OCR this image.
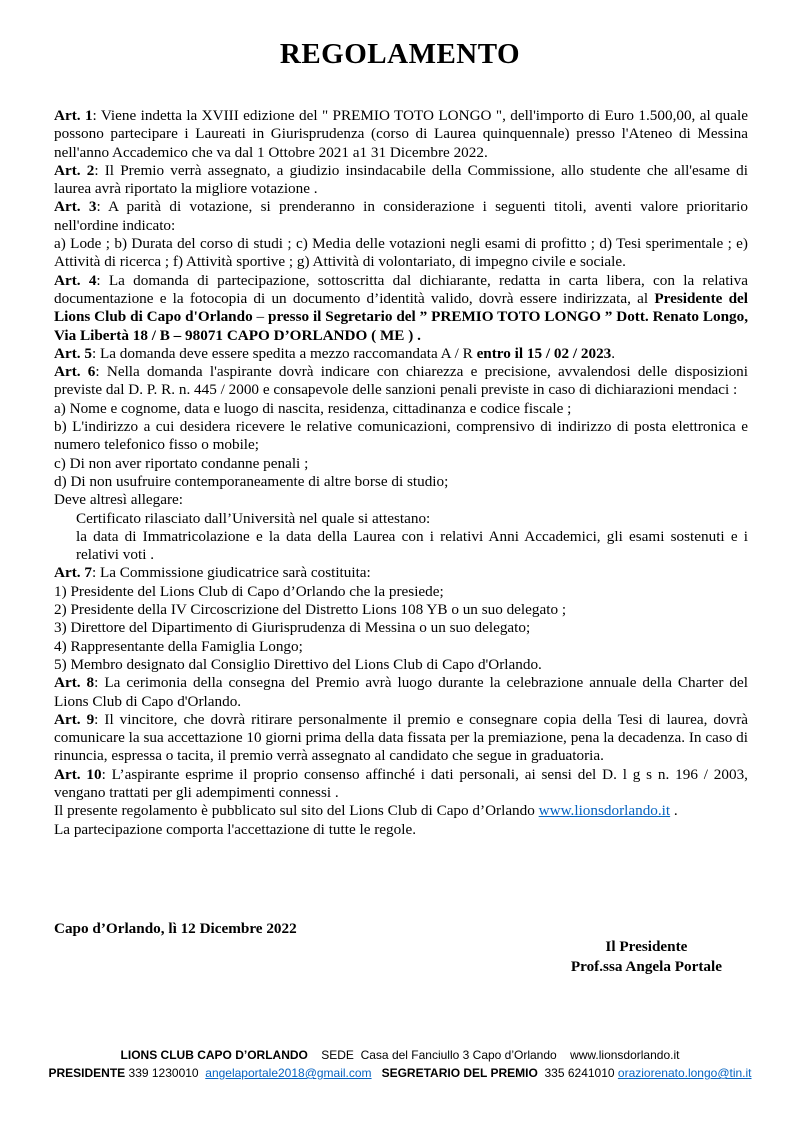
REGOLAMENTO

Art. 1: Viene indetta la XVIII edizione del " PREMIO TOTO LONGO ", dell'importo di Euro 1.500,00, al quale possono partecipare i Laureati in Giurisprudenza (corso di Laurea quinquennale) presso l'Ateneo di Messina nell'anno Accademico che va dal 1 Ottobre 2021 a1 31 Dicembre 2022.

Art. 2: Il Premio verrà assegnato, a giudizio insindacabile della Commissione, allo studente che all'esame di laurea avrà riportato la migliore votazione .

Art. 3: A parità di votazione, si prenderanno in considerazione i seguenti titoli, aventi valore prioritario nell'ordine indicato:

a) Lode ; b) Durata del corso di studi ; c) Media delle votazioni negli esami di profitto ; d) Tesi sperimentale ; e) Attività di ricerca ; f) Attività sportive ; g) Attività di volontariato, di impegno civile e sociale.

Art. 4: La domanda di partecipazione, sottoscritta dal dichiarante, redatta in carta libera, con la relativa documentazione e la fotocopia di un documento d’identità valido, dovrà essere indirizzata, al Presidente del Lions Club di Capo d'Orlando – presso il Segretario del ” PREMIO TOTO LONGO ” Dott. Renato Longo, Via Libertà 18 / B – 98071 CAPO D’ORLANDO ( ME ) .

Art. 5: La domanda deve essere spedita a mezzo raccomandata A / R entro il 15 / 02 / 2023.

Art. 6: Nella domanda l'aspirante dovrà indicare con chiarezza e precisione, avvalendosi delle disposizioni previste dal D. P. R. n. 445 / 2000 e consapevole delle sanzioni penali previste in caso di dichiarazioni mendaci :

a) Nome e cognome, data e luogo di nascita, residenza, cittadinanza e codice fiscale ;

b) L'indirizzo a cui desidera ricevere le relative comunicazioni, comprensivo di indirizzo di posta elettronica e numero telefonico fisso o mobile;

c) Di non aver riportato condanne penali ;

d) Di non usufruire contemporaneamente di altre borse di studio;

Deve altresì allegare:

Certificato rilasciato dall’Università nel quale si attestano:

la data di Immatricolazione e la data della Laurea con i relativi Anni Accademici, gli esami sostenuti e i relativi voti .

Art. 7: La Commissione giudicatrice sarà costituita:

1) Presidente del Lions Club di Capo d’Orlando che la presiede;

2) Presidente della IV Circoscrizione del Distretto Lions 108 YB o un suo delegato ;

3) Direttore del Dipartimento di Giurisprudenza di Messina o un suo delegato;

4) Rappresentante della Famiglia Longo;

5) Membro designato dal Consiglio Direttivo del Lions Club di Capo d'Orlando.

Art. 8: La cerimonia della consegna del Premio avrà luogo durante la celebrazione annuale della Charter del Lions Club di Capo d'Orlando.

Art. 9: Il vincitore, che dovrà ritirare personalmente il premio e consegnare copia della Tesi di laurea, dovrà comunicare la sua accettazione 10 giorni prima della data fissata per la premiazione, pena la decadenza. In caso di rinuncia, espressa o tacita, il premio verrà assegnato al candidato che segue in graduatoria.

Art. 10: L’aspirante esprime il proprio consenso affinché i dati personali, ai sensi del D. l g s n. 196 / 2003, vengano trattati per gli adempimenti connessi .

Il presente regolamento è pubblicato sul sito del Lions Club di Capo d’Orlando www.lionsdorlando.it .

La partecipazione comporta l'accettazione di tutte le regole.

Capo d’Orlando, lì 12 Dicembre 2022
Il Presidente
Prof.ssa Angela Portale
LIONS CLUB CAPO D’ORLANDO SEDE Casa del Fanciullo 3 Capo d’Orlando www.lionsdorlando.it
PRESIDENTE 339 1230010 angelaportale2018@gmail.com SEGRETARIO DEL PREMIO 335 6241010 oraziorenato.longo@tin.it
